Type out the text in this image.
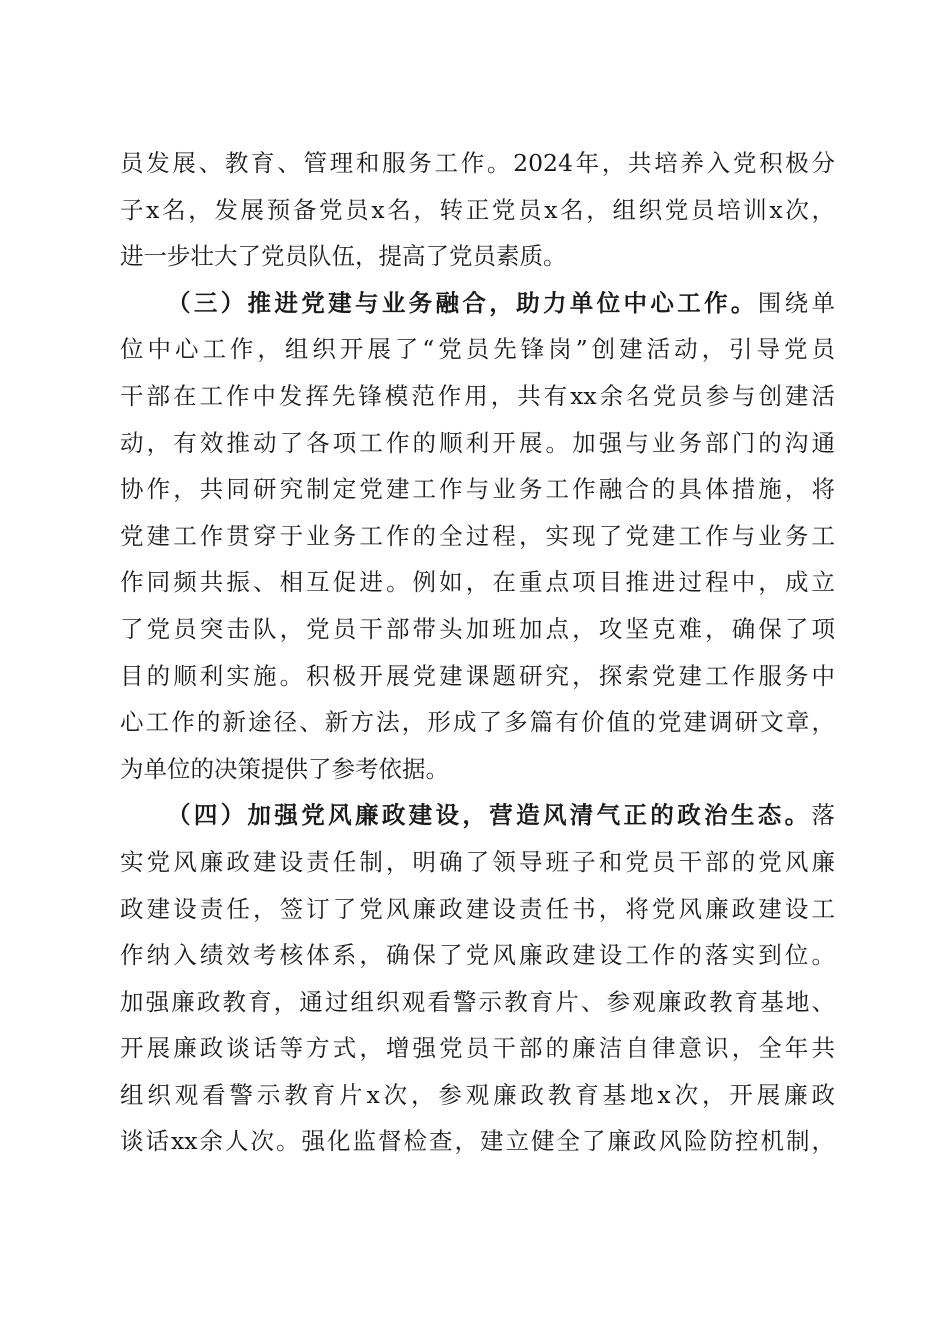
员发展、教育、管理和服务工作。2024年，共培养入党积极分
子x名，发展预备党员x名，转正党员x名，组织党员培训x次，
进一步壮大了党员队伍，提高了党员素质。
（三）推进党建与业务融合，助力单位中心工作。围绕单
位中心工作，组织开展了“党员先锋岗”创建活动，引导党员
干部在工作中发挥先锋模范作用，共有xx余名党员参与创建活
动，有效推动了各项工作的顺利开展。加强与业务部门的沟通
协作，共同研究制定党建工作与业务工作融合的具体措施，将
党建工作贯穿于业务工作的全过程，实现了党建工作与业务工
作同频共振、相互促进。例如，在重点项目推进过程中，成立
了党员突击队，党员干部带头加班加点，攻坚克难，确保了项
目的顺利实施。积极开展党建课题研究，探索党建工作服务中
心工作的新途径、新方法，形成了多篇有价值的党建调研文章，
为单位的决策提供了参考依据。
（四）加强党风廉政建设，营造风清气正的政治生态。落
实党风廉政建设责任制，明确了领导班子和党员干部的党风廉
政建设责任，签订了党风廉政建设责任书，将党风廉政建设工
作纳入绩效考核体系，确保了党风廉政建设工作的落实到位。
加强廉政教育，通过组织观看警示教育片、参观廉政教育基地、
开展廉政谈话等方式，增强党员干部的廉洁自律意识，全年共
组织观看警示教育片x次，参观廉政教育基地x次，开展廉政
谈话xx余人次。强化监督检查，建立健全了廉政风险防控机制，
